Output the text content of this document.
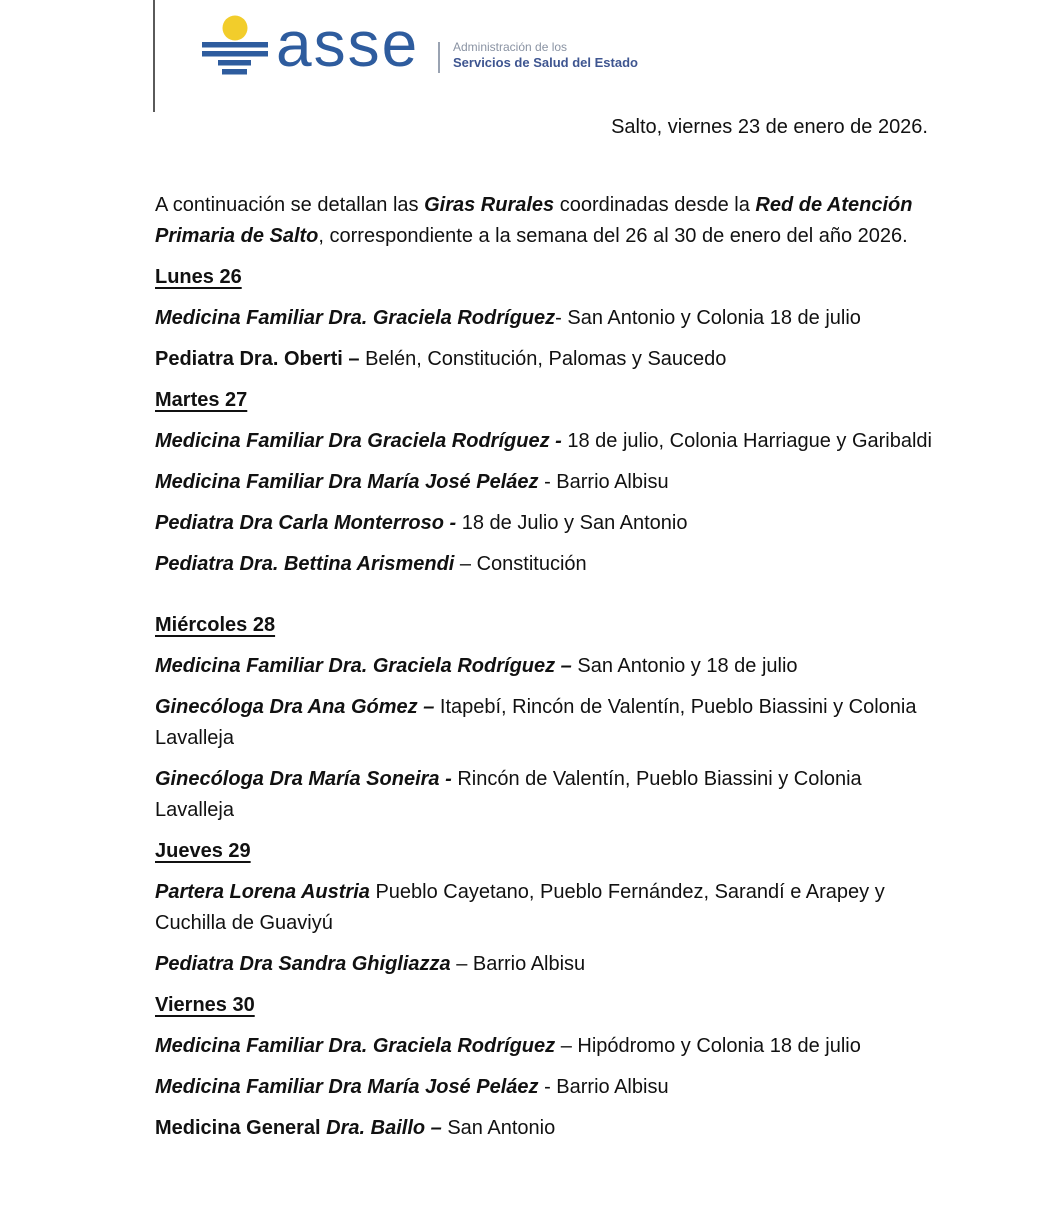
asse	Administración de los
Servicios de Salud del Estado
Salto, viernes 23 de enero de 2026.

A continuación se detallan las Giras Rurales coordinadas desde la Red de Atención Primaria de Salto, correspondiente a la semana del 26 al 30 de enero del año 2026.

Lunes 26

Medicina Familiar Dra. Graciela Rodríguez- San Antonio y Colonia 18 de julio

Pediatra Dra. Oberti – Belén, Constitución, Palomas y Saucedo

Martes 27

Medicina Familiar Dra Graciela Rodríguez - 18 de julio, Colonia Harriague y Garibaldi

Medicina Familiar Dra María José Peláez - Barrio Albisu

Pediatra Dra Carla Monterroso - 18 de Julio y San Antonio

Pediatra Dra. Bettina Arismendi – Constitución

Miércoles 28

Medicina Familiar Dra. Graciela Rodríguez – San Antonio y 18 de julio

Ginecóloga Dra Ana Gómez – Itapebí, Rincón de Valentín, Pueblo Biassini y Colonia Lavalleja

Ginecóloga Dra María Soneira - Rincón de Valentín, Pueblo Biassini y Colonia Lavalleja

Jueves 29

Partera Lorena Austria Pueblo Cayetano, Pueblo Fernández, Sarandí e Arapey y Cuchilla de Guaviyú

Pediatra Dra Sandra Ghigliazza – Barrio Albisu

Viernes 30

Medicina Familiar Dra. Graciela Rodríguez – Hipódromo y Colonia 18 de julio

Medicina Familiar Dra María José Peláez - Barrio Albisu

Medicina General Dra. Baillo – San Antonio
